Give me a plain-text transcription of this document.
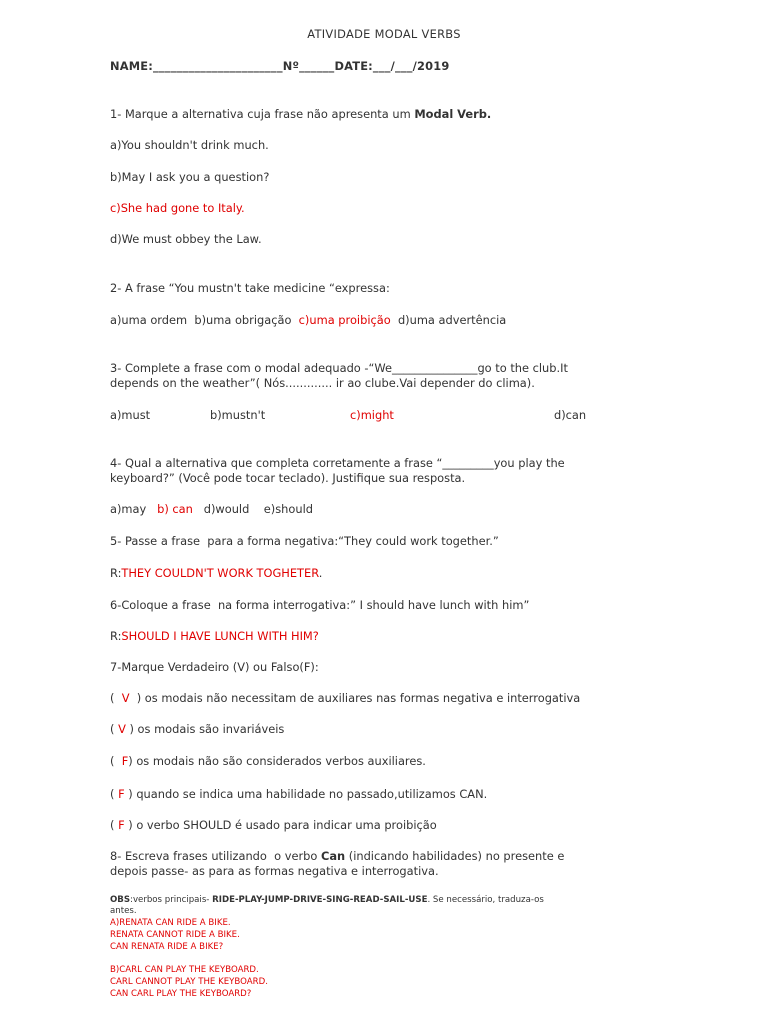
ATIVIDADE MODAL VERBS
NAME:______________________Nº______DATE:___/___/2019
1- Marque a alternativa cuja frase não apresenta um Modal Verb.
a)You shouldn't drink much.
b)May I ask you a question?
c)She had gone to Italy.
d)We must obbey the Law.
2- A frase “You mustn't take medicine “expressa:
a)uma ordem  b)uma obrigação  c)uma proibição  d)uma advertência
3- Complete a frase com o modal adequado -“We_______________go to the club.It
depends on the weather”( Nós............. ir ao clube.Vai depender do clima).
a)must	b)mustn't	c)might	d)can
4- Qual a alternativa que completa corretamente a frase “_________you play the
keyboard?” (Você pode tocar teclado). Justifique sua resposta.
a)may   b) can   d)would    e)should
5- Passe a frase  para a forma negativa:“They could work together.”
R:THEY COULDN'T WORK TOGHETER.
6-Coloque a frase  na forma interrogativa:” I should have lunch with him”
R:SHOULD I HAVE LUNCH WITH HIM?
7-Marque Verdadeiro (V) ou Falso(F):
(  V  ) os modais não necessitam de auxiliares nas formas negativa e interrogativa
( V ) os modais são invariáveis
(  F) os modais não são considerados verbos auxiliares.
( F ) quando se indica uma habilidade no passado,utilizamos CAN.
( F ) o verbo SHOULD é usado para indicar uma proibição
8- Escreva frases utilizando  o verbo Can (indicando habilidades) no presente e
depois passe- as para as formas negativa e interrogativa.
OBS:verbos principais- RIDE-PLAY-JUMP-DRIVE-SING-READ-SAIL-USE. Se necessário, traduza-os
antes.
A)RENATA CAN RIDE A BIKE.
RENATA CANNOT RIDE A BIKE.
CAN RENATA RIDE A BIKE?
B)CARL CAN PLAY THE KEYBOARD.
CARL CANNOT PLAY THE KEYBOARD.
CAN CARL PLAY THE KEYBOARD?
